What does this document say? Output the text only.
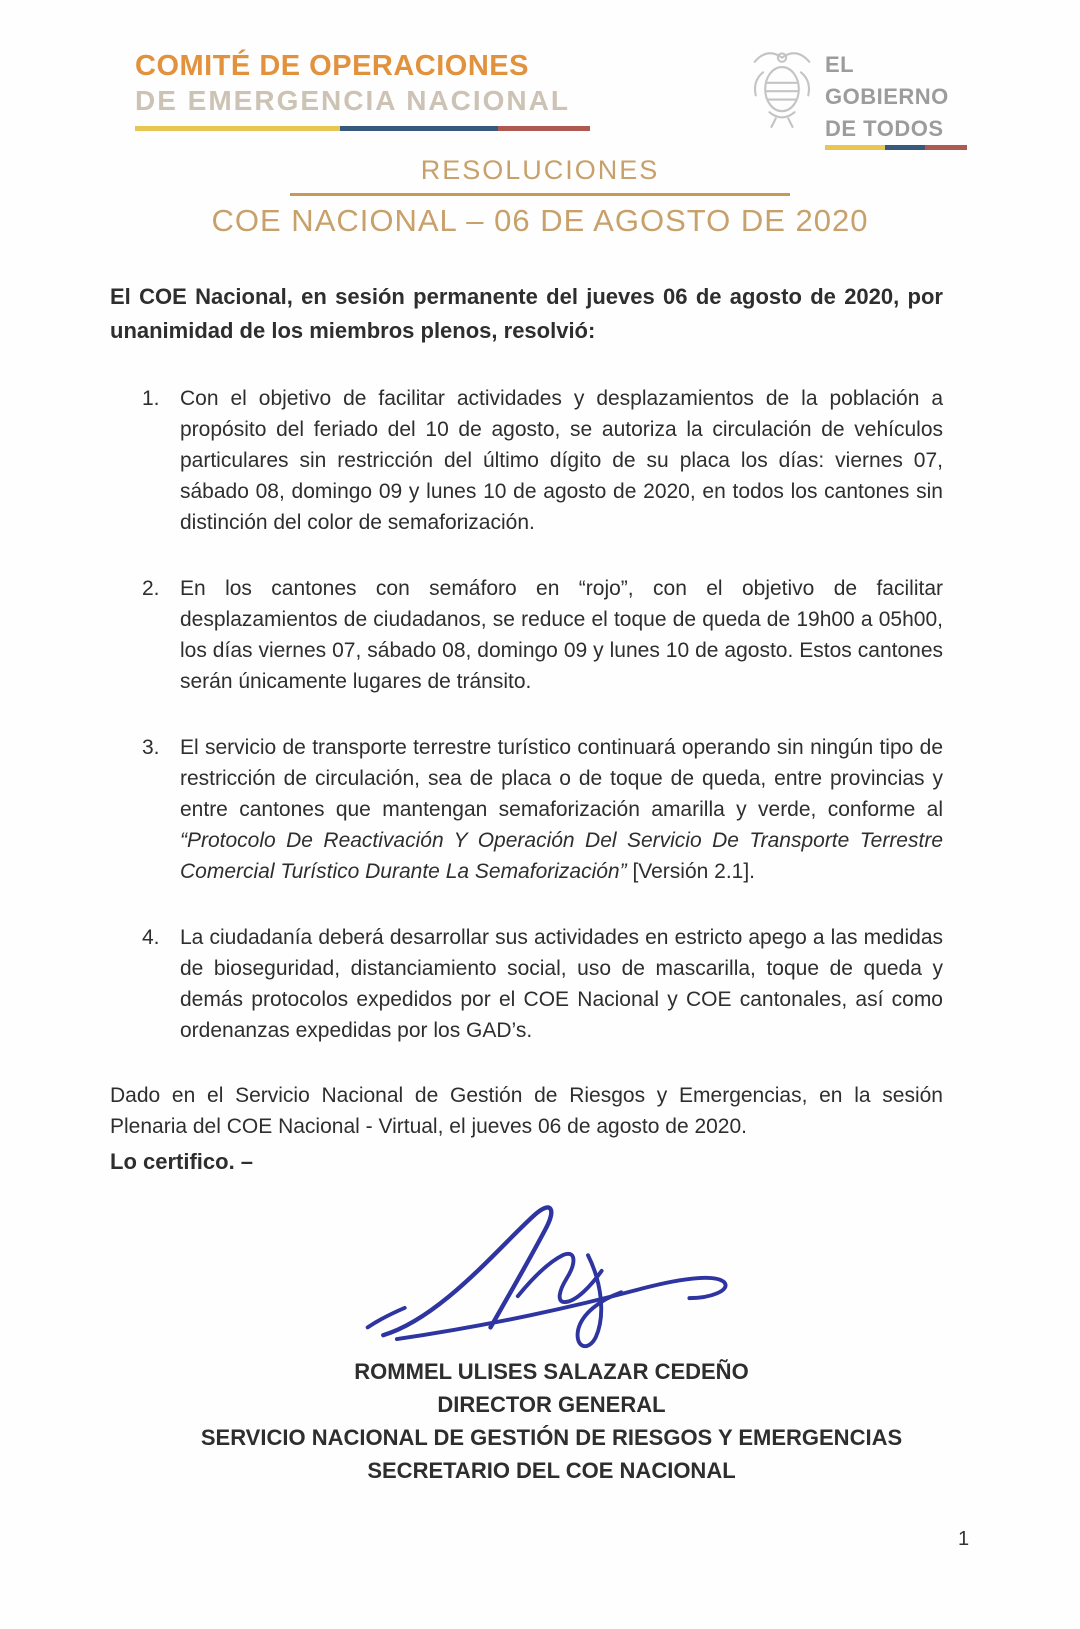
COMITÉ DE OPERACIONES
DE EMERGENCIA NACIONAL
EL
GOBIERNO
DE TODOS
RESOLUCIONES
COE NACIONAL – 06 DE AGOSTO DE 2020

El COE Nacional, en sesión permanente del jueves 06 de agosto de 2020, por unanimidad de los miembros plenos, resolvió:

1. Con el objetivo de facilitar actividades y desplazamientos de la población a propósito del feriado del 10 de agosto, se autoriza la circulación de vehículos particulares sin restricción del último dígito de su placa los días: viernes 07, sábado 08, domingo 09 y lunes 10 de agosto de 2020, en todos los cantones sin distinción del color de semaforización.
2. En los cantones con semáforo en “rojo”, con el objetivo de facilitar desplazamientos de ciudadanos, se reduce el toque de queda de 19h00 a 05h00, los días viernes 07, sábado 08, domingo 09 y lunes 10 de agosto. Estos cantones serán únicamente lugares de tránsito.
3. El servicio de transporte terrestre turístico continuará operando sin ningún tipo de restricción de circulación, sea de placa o de toque de queda, entre provincias y entre cantones que mantengan semaforización amarilla y verde, conforme al “Protocolo De Reactivación Y Operación Del Servicio De Transporte Terrestre Comercial Turístico Durante La Semaforización” [Versión 2.1].
4. La ciudadanía deberá desarrollar sus actividades en estricto apego a las medidas de bioseguridad, distanciamiento social, uso de mascarilla, toque de queda y demás protocolos expedidos por el COE Nacional y COE cantonales, así como ordenanzas expedidas por los GAD’s.

Dado en el Servicio Nacional de Gestión de Riesgos y Emergencias, en la sesión Plenaria del COE Nacional - Virtual, el jueves 06 de agosto de 2020.

Lo certifico. –

ROMMEL ULISES SALAZAR CEDEÑO
DIRECTOR GENERAL
SERVICIO NACIONAL DE GESTIÓN DE RIESGOS Y EMERGENCIAS
SECRETARIO DEL COE NACIONAL
1
